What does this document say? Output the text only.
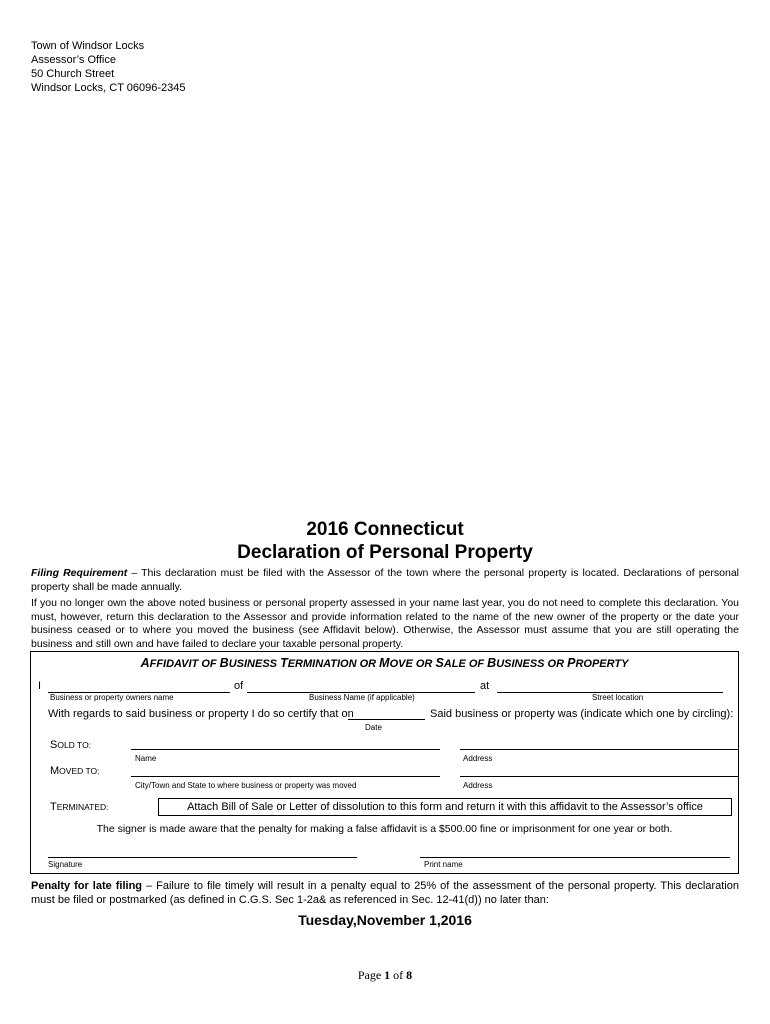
Town of Windsor Locks
Assessor’s Office
50 Church Street
Windsor Locks, CT 06096-2345
2016 Connecticut
Declaration of Personal Property
Filing Requirement – This declaration must be filed with the Assessor of the town where the personal property is located. Declarations of personal property shall be made annually.
If you no longer own the above noted business or personal property assessed in your name last year, you do not need to complete this declaration. You must, however, return this declaration to the Assessor and provide information related to the name of the new owner of the property or the date your business ceased or to where you moved the business (see Affidavit below). Otherwise, the Assessor must assume that you are still operating the business and still own and have failed to declare your taxable personal property.
AFFIDAVIT OF BUSINESS TERMINATION OR MOVE OR SALE OF BUSINESS OR PROPERTY
I	of	at
Business or property owners name	Business Name (if applicable)	Street location
With regards to said business or property I do so certify that on	Said business or property was (indicate which one by circling):
Date
SOLD TO:
Name	Address
MOVED TO:
City/Town and State to where business or property was moved	Address
TERMINATED:	Attach Bill of Sale or Letter of dissolution to this form and return it with this affidavit to the Assessor’s office
The signer is made aware that the penalty for making a false affidavit is a $500.00 fine or imprisonment for one year or both.
Signature	Print name
Penalty for late filing – Failure to file timely will result in a penalty equal to 25% of the assessment of the personal property. This declaration must be filed or postmarked (as defined in C.G.S. Sec 1-2a& as referenced in Sec. 12-41(d)) no later than:
Tuesday,November 1,2016
Page 1 of 8
